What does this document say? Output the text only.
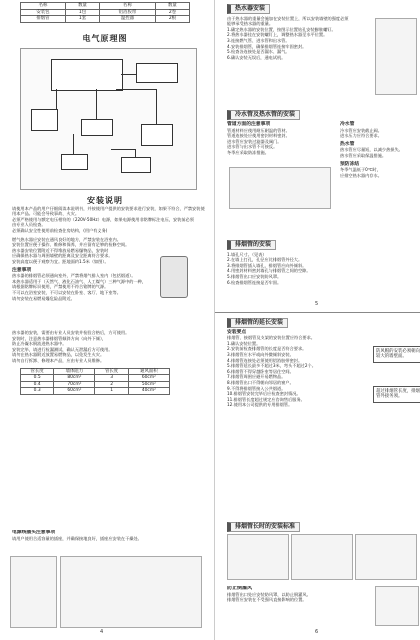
名称	数量	名称	数量
安装包	1包	铝箔胶带	2卷
排烟管	1套	温控器	2根
电气原理图
安装说明

请使用本产品的用户仔细阅读本说明书，并按使用户提供的安装要求进行安装，如果不符合，严禁安装使

用本产品。可能会导致事故、火灾。

必须严格使用与额定电压相符的（220V-50Hz）电源，如果电源使用非铭牌标注电压，安装前必须

由专业人员检查。

必须确认安全性使用前检查住房结构，(用户有义务)

燃气热水器应安装在通风良好的地方，严禁安装在浴室内。

安装位置应便于操作、维修和保养，并应留有足够的检修空间。

热水器安装位置附近不得堆放易燃易爆物品，安装时

应确保热水器与周围墙壁的距离及安全距离符合要求。

安装高度以便于观察为宜。距地面约1.5米（如图）。

注意事项

热水器的排烟管必须通向室外，严禁将烟气排入室内（包括烟道）。

本热水器适用于（天然气、液化石油气、人工煤气）三种气源中的一种，

请根据铭牌标识使用，严禁使用不符合铭牌的气源。

不可以在浴室安装，不可以安装在卧室、客厅、地下室等。

请勿安装在易燃易爆危险品附近。

热水器的安装，需要由专业人员安装并检验合格后，方可使用。

安装时，注意热水器排烟管倾斜方向（向外下倾），

防止冷凝水倒流进热水器中。

安装完毕，请进行检漏测试，确认无泄漏后方可使用。

请勿在热水器附近放置易燃物品，以免发生火灾。

请勿自行拆卸、修理本产品，应由专业人员维修。

管长度	墙体阻力	管长度	通风面积
0.5	80cm²	3	60cm²
0.4	70cm²	2	50cm²
0.3	60cm²	1	40cm²

电源线插头注意事项

请用户使用合适容量的插座，并确保接地良好，插座应安装在干燥处。

4
热水器安装

由于热水器的重量会施加在安装位置上，所以安装墙壁的强度必须

能够承受热水器的重量。

1.确定热水器的安装位置，按图示位置钻孔安装膨胀螺钉。

2.将热水器挂在安装螺钉上，调整热水器至水平位置。

3.连接燃气管、进水管和出水管。

4.安装排烟管，确保排烟管连接牢固密封。

5.检查各连接处是否漏水、漏气。

6.确认安装无误后，通电试机。

冷水管及热水管的安装
管道方面的注意事项

管道材料应使用耐压耐温的管材。

管道连接处应使用密封材料密封。

进水管应安装过滤器及阀门。

进水管与出水管不可接反。

冬季应采取防冻措施。

冷水管

冷水管应安装截止阀。

进水压力应符合要求。

热水管

热水管应尽量短，以减少热损失。

热水管应采取保温措施。

预防冻结

冬季气温低于0℃时，

应排空热水器内存水。

排烟管的安装

1.墙孔尺寸。（见表）

2.在墙上打孔，孔径应比排烟管外径大。

3.将排烟管插入墙孔，排烟管应向外倾斜。

4.用密封材料密封墙孔与排烟管之间的空隙。

5.排烟管出口应安装防风罩。

6.检查排烟管连接是否牢固。

5
排烟管的延长安装
安装要点

排烟管、接烟管及支架的安装位置应符合要求。

1.确认安装位置。

2.安装前检查排烟管的长度是否符合要求。

3.排烟管应水平或向外微倾斜安装。

4.排烟管连接处必须使用铝箔胶带密封。

5.排烟管延长最多不超过3米，弯头不超过2个。

6.排烟管不得穿越卧室等居住空间。

7.排烟管周围应避开易燃物品。

8.排烟管出口不得朝向邻居的窗户。

9.不得将排烟管接入公共烟道。

10.排烟管安装完毕后应检查密封情况。

11.排烟管长度超过规定应咨询售后服务。

12.使用本公司提供的专用排烟管。

防风帽的安装必须朝向较大的墙壁面。
超过排烟管长度，排烟管外接务须。
排烟管长时的安装标准
防止倒灌风

排烟管出口处应安装防风罩，以防止倒灌风。

排烟管应安装在不受强风直接影响的位置。

6
